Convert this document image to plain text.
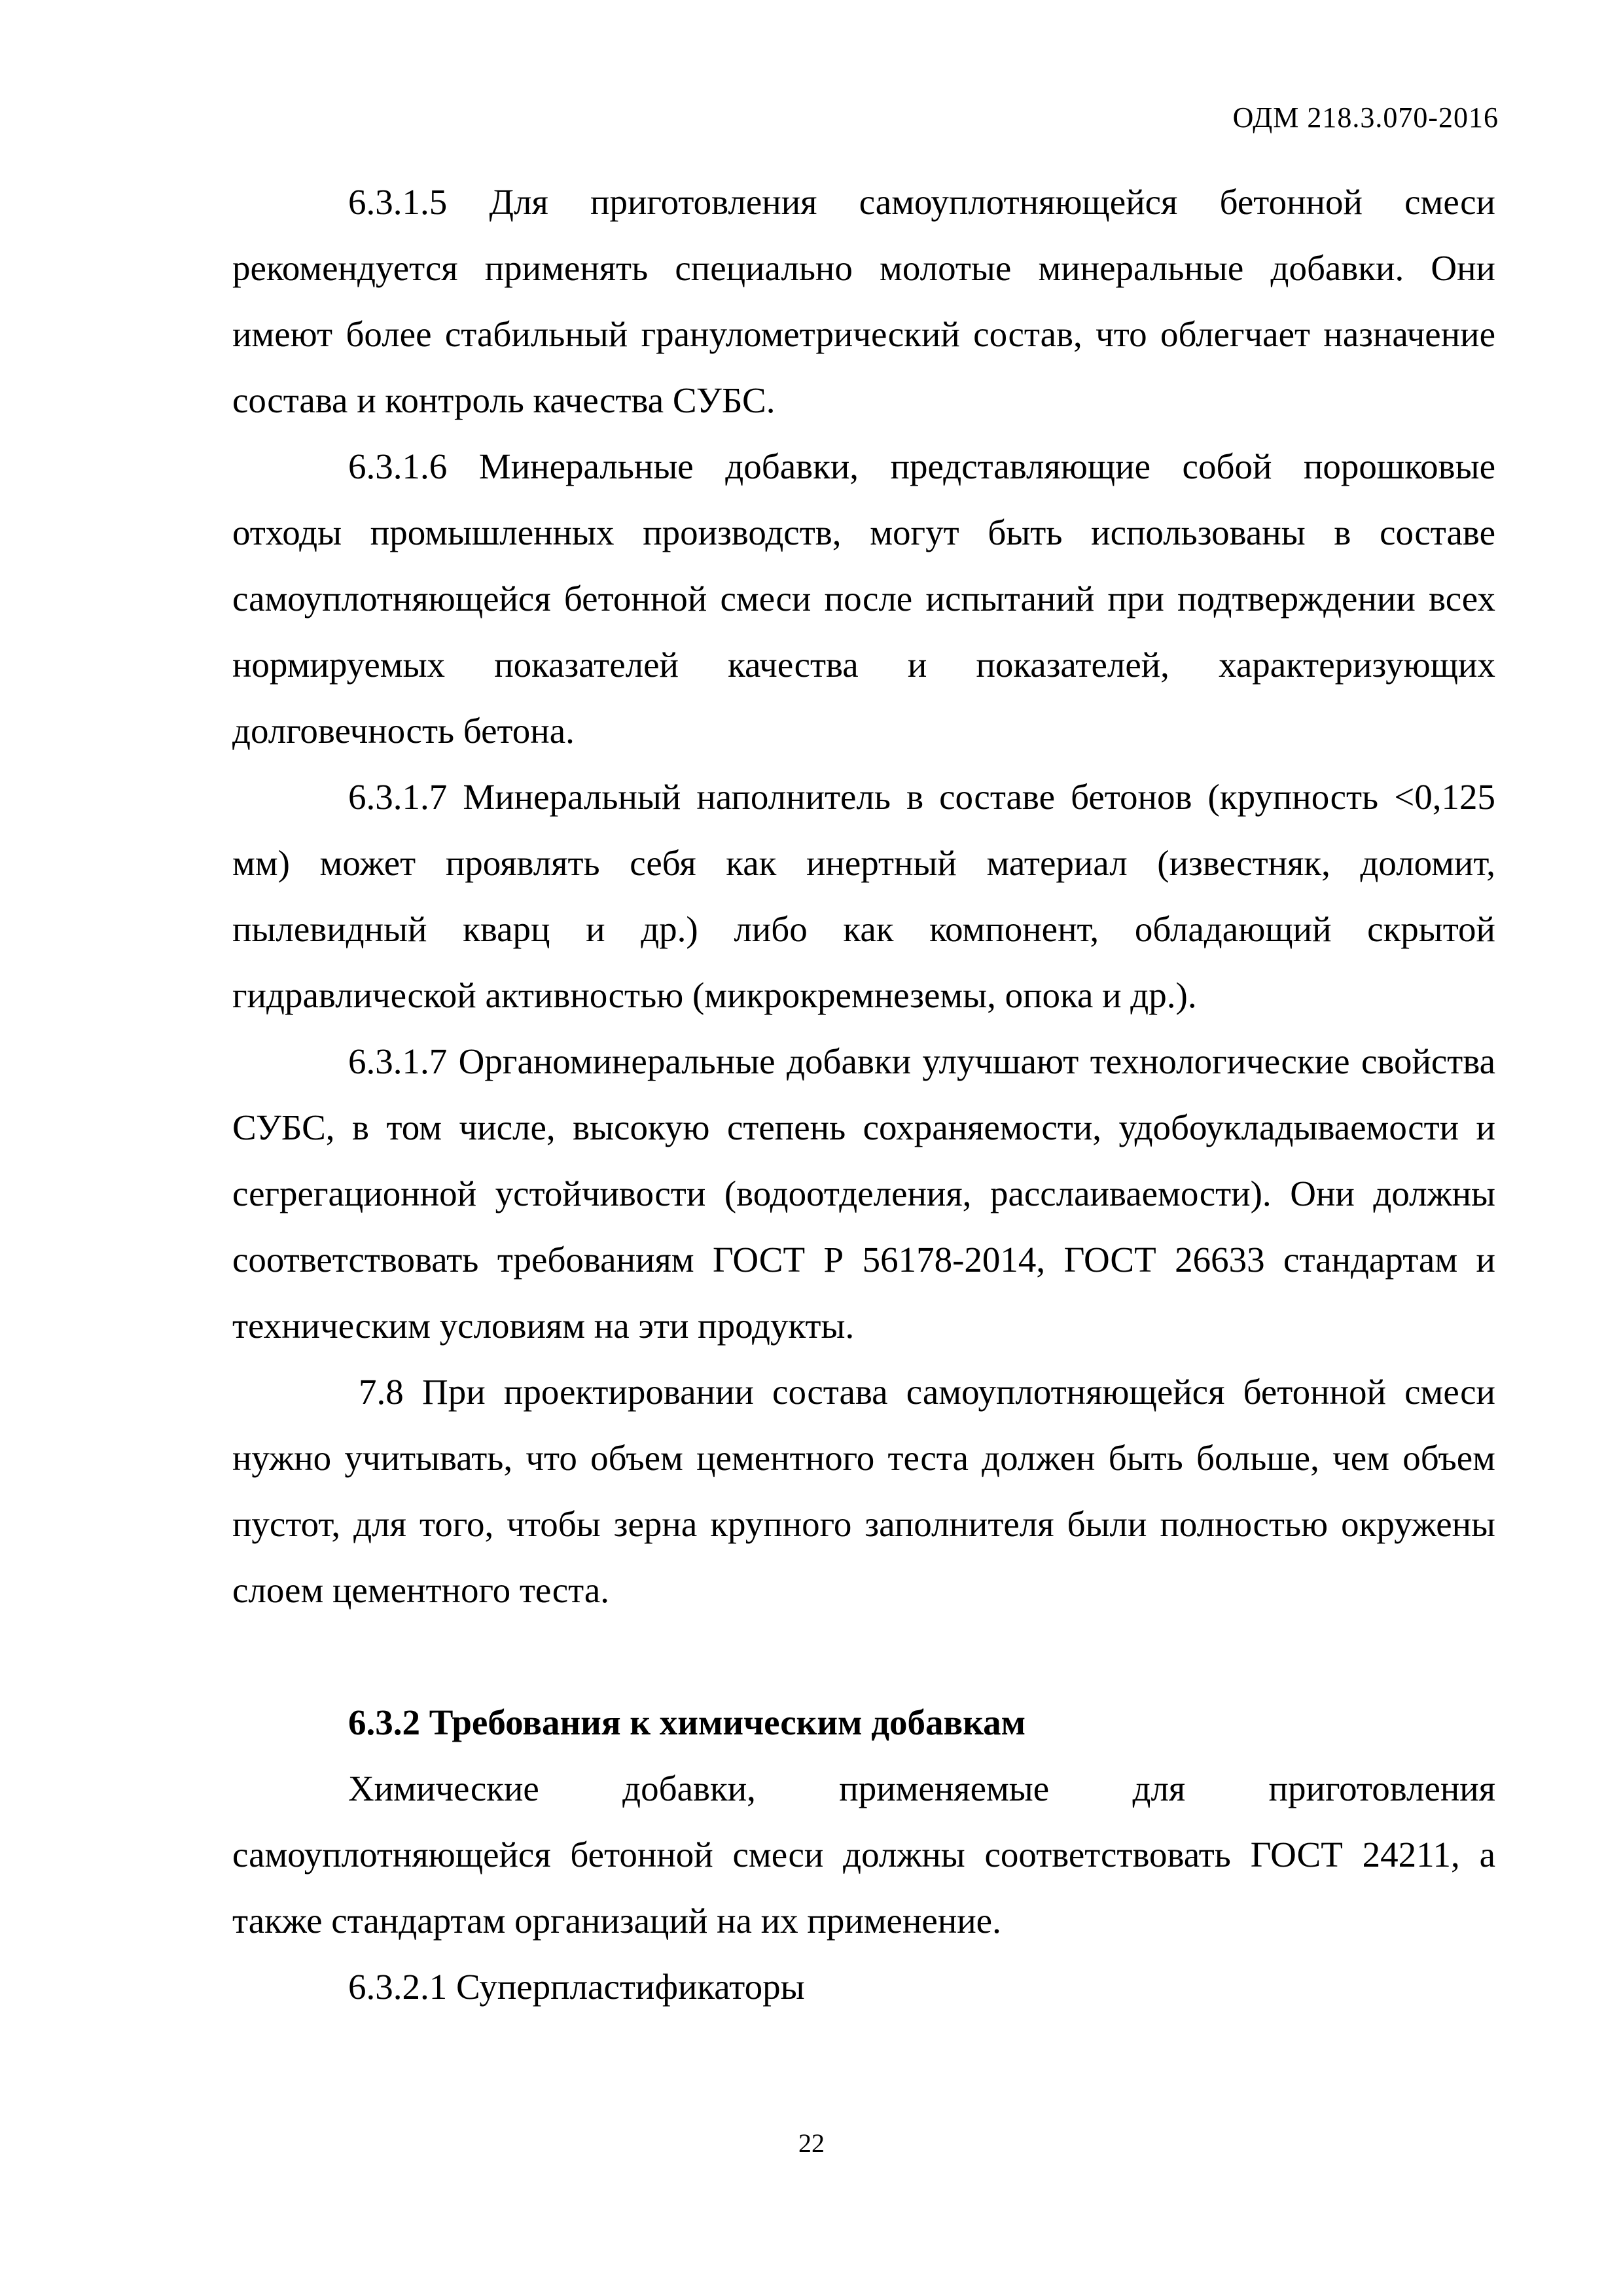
ОДМ 218.3.070-2016

6.3.1.5 Для приготовления самоуплотняющейся бетонной смеси рекомендуется применять специально молотые минеральные добавки. Они имеют более стабильный гранулометрический состав, что облегчает назначение состава и контроль качества СУБС.

6.3.1.6 Минеральные добавки, представляющие собой порошковые отходы промышленных производств, могут быть использованы в составе самоуплотняющейся бетонной смеси после испытаний при подтверждении всех нормируемых показателей качества и показателей, характеризующих долговечность бетона.

6.3.1.7 Минеральный наполнитель в составе бетонов (крупность <0,125 мм) может проявлять себя как инертный материал (известняк, доломит, пылевидный кварц и др.) либо как компонент, обладающий скрытой гидравлической активностью (микрокремнеземы, опока и др.).

6.3.1.7 Органоминеральные добавки улучшают технологические свойства СУБС, в том числе, высокую степень сохраняемости, удобоукладываемости и сегрегационной устойчивости (водоотделения, расслаиваемости). Они должны соответствовать требованиям ГОСТ Р 56178-2014, ГОСТ 26633 стандартам и техническим условиям на эти продукты.

7.8 При проектировании состава самоуплотняющейся бетонной смеси нужно учитывать, что объем цементного теста должен быть больше, чем объем пустот, для того, чтобы зерна крупного заполнителя были полностью окружены слоем цементного теста.

6.3.2 Требования к химическим добавкам

Химические добавки, применяемые для приготовления самоуплотняющейся бетонной смеси должны соответствовать ГОСТ 24211, а также стандартам организаций на их применение.

6.3.2.1 Суперпластификаторы

22
